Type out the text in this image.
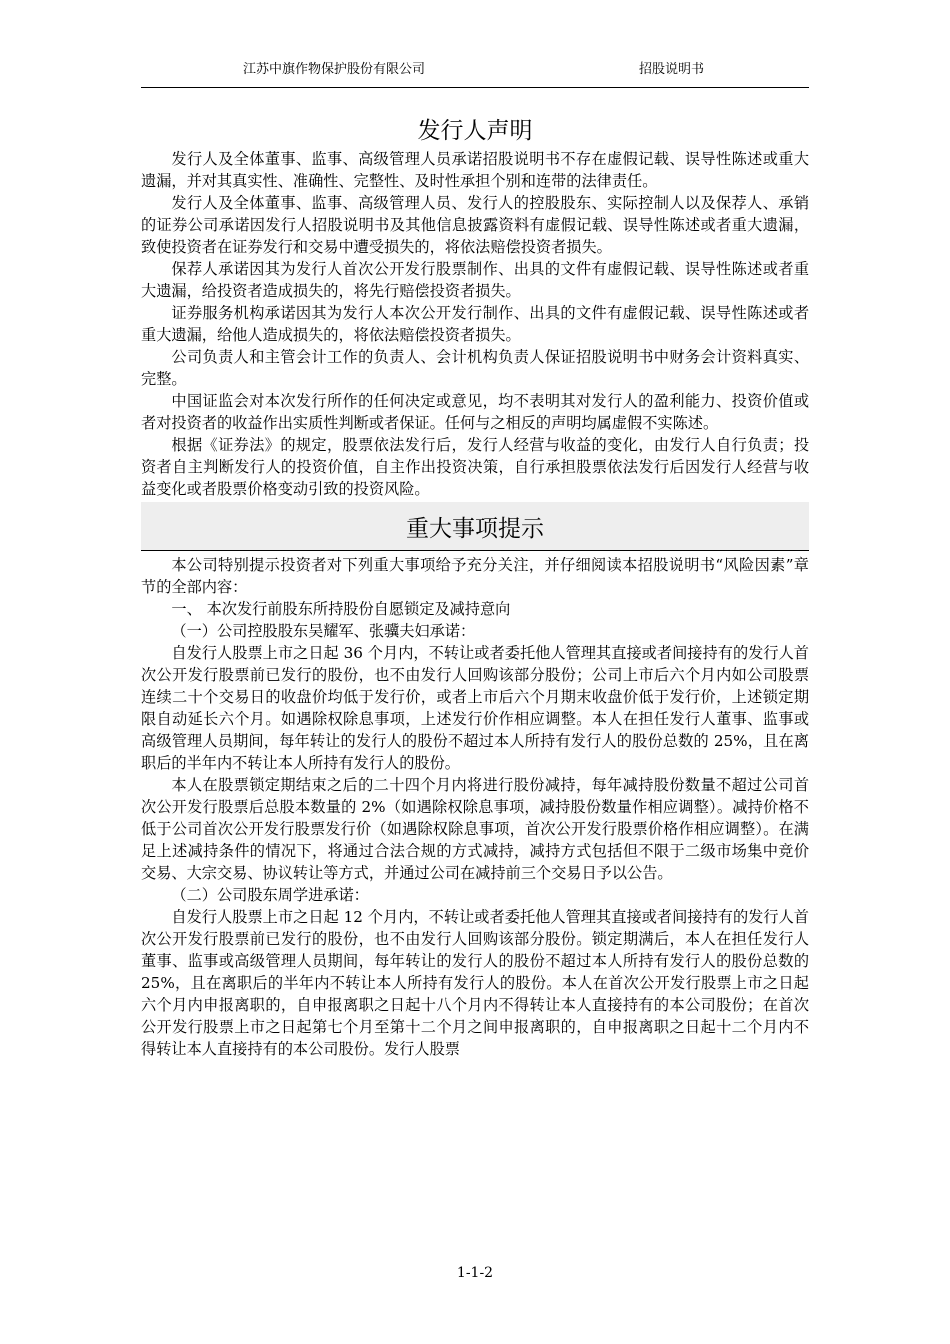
江苏中旗作物保护股份有限公司	招股说明书
发行人声明

发行人及全体董事、监事、高级管理人员承诺招股说明书不存在虚假记载、误导性陈述或重大遗漏，并对其真实性、准确性、完整性、及时性承担个别和连带的法律责任。

发行人及全体董事、监事、高级管理人员、发行人的控股股东、实际控制人以及保荐人、承销的证券公司承诺因发行人招股说明书及其他信息披露资料有虚假记载、误导性陈述或者重大遗漏，致使投资者在证券发行和交易中遭受损失的，将依法赔偿投资者损失。

保荐人承诺因其为发行人首次公开发行股票制作、出具的文件有虚假记载、误导性陈述或者重大遗漏，给投资者造成损失的，将先行赔偿投资者损失。

证券服务机构承诺因其为发行人本次公开发行制作、出具的文件有虚假记载、误导性陈述或者重大遗漏，给他人造成损失的，将依法赔偿投资者损失。

公司负责人和主管会计工作的负责人、会计机构负责人保证招股说明书中财务会计资料真实、完整。

中国证监会对本次发行所作的任何决定或意见，均不表明其对发行人的盈利能力、投资价值或者对投资者的收益作出实质性判断或者保证。任何与之相反的声明均属虚假不实陈述。

根据《证券法》的规定，股票依法发行后，发行人经营与收益的变化，由发行人自行负责；投资者自主判断发行人的投资价值，自主作出投资决策，自行承担股票依法发行后因发行人经营与收益变化或者股票价格变动引致的投资风险。

重大事项提示

本公司特别提示投资者对下列重大事项给予充分关注，并仔细阅读本招股说明书“风险因素”章节的全部内容：

一、 本次发行前股东所持股份自愿锁定及减持意向

（一）公司控股股东吴耀军、张骥夫妇承诺：

自发行人股票上市之日起 36 个月内，不转让或者委托他人管理其直接或者间接持有的发行人首次公开发行股票前已发行的股份，也不由发行人回购该部分股份；公司上市后六个月内如公司股票连续二十个交易日的收盘价均低于发行价，或者上市后六个月期末收盘价低于发行价，上述锁定期限自动延长六个月。如遇除权除息事项，上述发行价作相应调整。本人在担任发行人董事、监事或高级管理人员期间，每年转让的发行人的股份不超过本人所持有发行人的股份总数的 25%，且在离职后的半年内不转让本人所持有发行人的股份。

本人在股票锁定期结束之后的二十四个月内将进行股份减持，每年减持股份数量不超过公司首次公开发行股票后总股本数量的 2%（如遇除权除息事项，减持股份数量作相应调整）。减持价格不低于公司首次公开发行股票发行价（如遇除权除息事项，首次公开发行股票价格作相应调整）。在满足上述减持条件的情况下，将通过合法合规的方式减持，减持方式包括但不限于二级市场集中竞价交易、大宗交易、协议转让等方式，并通过公司在减持前三个交易日予以公告。

（二）公司股东周学进承诺：

自发行人股票上市之日起 12 个月内，不转让或者委托他人管理其直接或者间接持有的发行人首次公开发行股票前已发行的股份，也不由发行人回购该部分股份。锁定期满后，本人在担任发行人董事、监事或高级管理人员期间，每年转让的发行人的股份不超过本人所持有发行人的股份总数的 25%，且在离职后的半年内不转让本人所持有发行人的股份。本人在首次公开发行股票上市之日起六个月内申报离职的，自申报离职之日起十八个月内不得转让本人直接持有的本公司股份；在首次公开发行股票上市之日起第七个月至第十二个月之间申报离职的，自申报离职之日起十二个月内不得转让本人直接持有的本公司股份。发行人股票

1-1-2
